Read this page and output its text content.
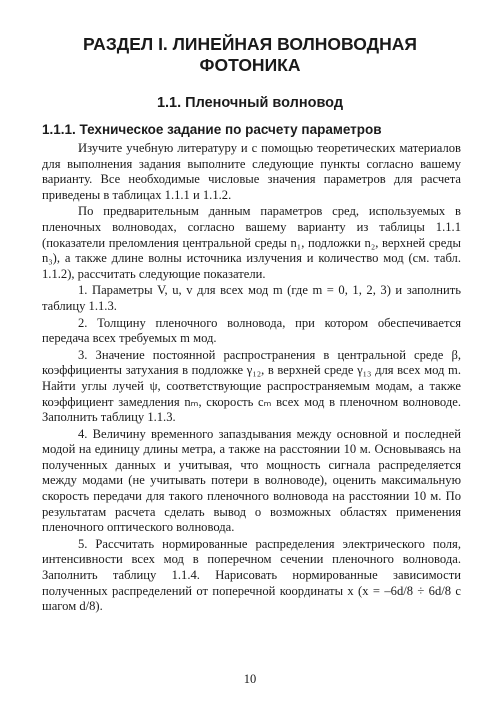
РАЗДЕЛ I. ЛИНЕЙНАЯ ВОЛНОВОДНАЯ
ФОТОНИКА
1.1. Пленочный волновод
1.1.1. Техническое задание по расчету параметров

Изучите учебную литературу и с помощью теоретических материалов для выполнения задания выполните следующие пункты согласно вашему варианту. Все необходимые числовые значения параметров для расчета приведены в таблицах 1.1.1 и 1.1.2.

По предварительным данным параметров сред, используемых в пленочных волноводах, согласно вашему варианту из таблицы 1.1.1 (показатели преломления центральной среды n₁, подложки n₂, верхней среды n₃), а также длине волны источника излучения и количество мод (см. табл. 1.1.2), рассчитать следующие показатели.

1. Параметры V, u, v для всех мод m (где m = 0, 1, 2, 3) и заполнить таблицу 1.1.3.

2. Толщину пленочного волновода, при котором обеспечивается передача всех требуемых m мод.

3. Значение постоянной распространения в центральной среде β, коэффициенты затухания в подложке γ₁₂, в верхней среде γ₁₃ для всех мод m. Найти углы лучей ψ, соответствующие распространяемым модам, а также коэффициент замедления nₘ, скорость cₘ всех мод в пленочном волноводе. Заполнить таблицу 1.1.3.

4. Величину временного запаздывания между основной и последней модой на единицу длины метра, а также на расстоянии 10 м. Основываясь на полученных данных и учитывая, что мощность сигнала распределяется между модами (не учитывать потери в волноводе), оценить максимальную скорость передачи для такого пленочного волновода на расстоянии 10 м. По результатам расчета сделать вывод о возможных областях применения пленочного оптического волновода.

5. Рассчитать нормированные распределения электрического поля, интенсивности всех мод в поперечном сечении пленочного волновода. Заполнить таблицу 1.1.4. Нарисовать нормированные зависимости полученных распределений от поперечной координаты x (x = –6d/8 ÷ 6d/8 с шагом d/8).

10
